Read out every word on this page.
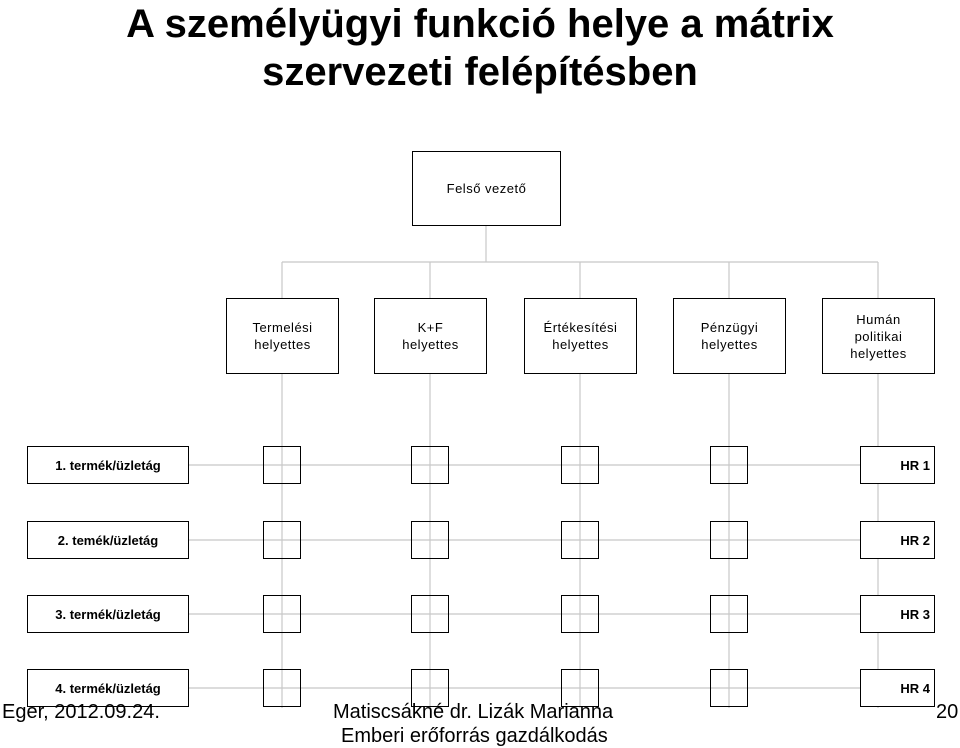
A személyügyi funkció helye a mátrix
szervezeti felépítésben
Felső vezető
Termelési
helyettes
K+F
helyettes
Értékesítési
helyettes
Pénzügyi
helyettes
Humán
politikai
helyettes
1. termék/üzletág	HR 1
2. temék/üzletág	HR 2
3. termék/üzletág	HR 3
4. termék/üzletág	HR 4
Eger, 2012.09.24.	Matiscsákné dr. Lizák Marianna
Emberi erőforrás gazdálkodás
20
